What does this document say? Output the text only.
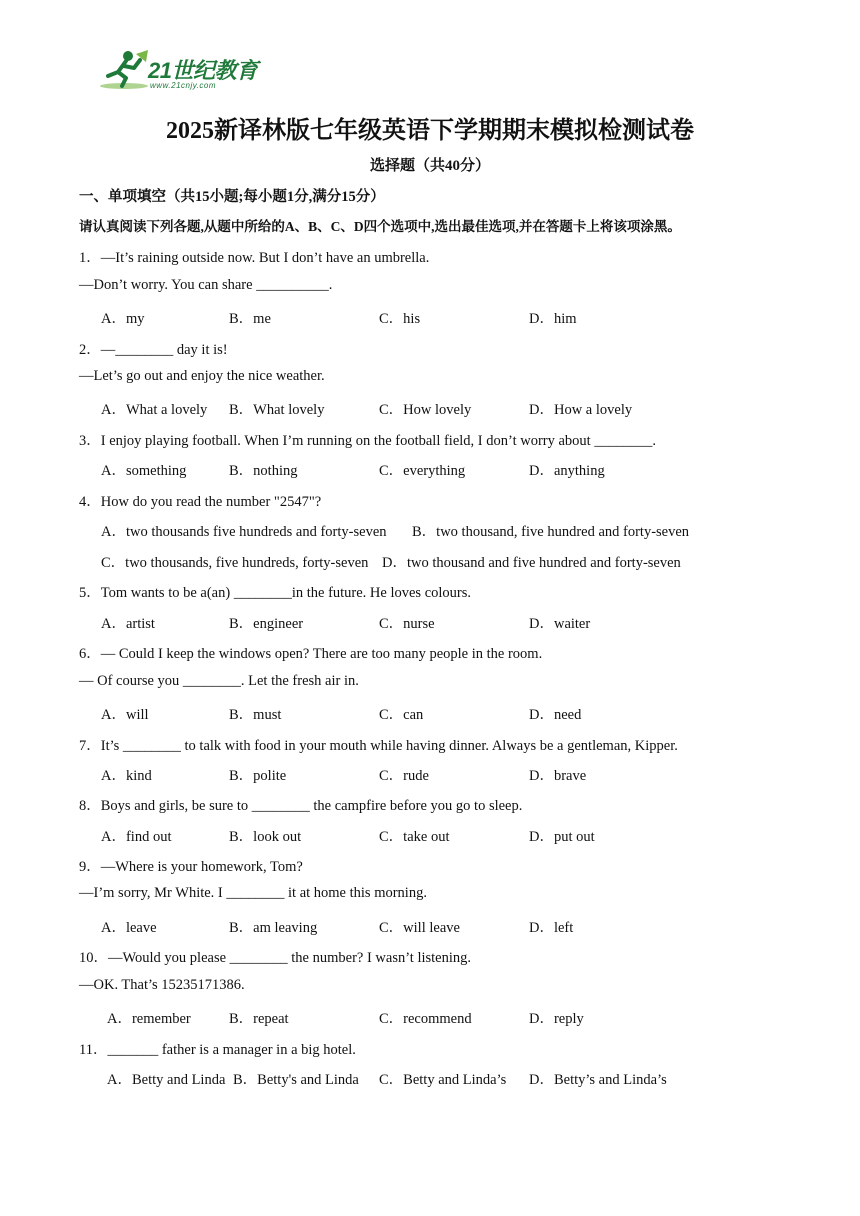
21世纪教育
www.21cnjy.com
2025新译林版七年级英语下学期期末模拟检测试卷
选择题（共40分）
一、单项填空（共15小题;每小题1分,满分15分）
请认真阅读下列各题,从题中所给的A、B、C、D四个选项中,选出最佳选项,并在答题卡上将该项涂黑。
1．—It’s raining outside now. But I don’t have an umbrella.
—Don’t worry. You can share __________.
A．my	B．me	C．his	D．him
2．—________ day it is!
—Let’s go out and enjoy the nice weather.
A．What a lovely B．What lovely	C．How lovely	D．How a lovely
3．I enjoy playing football. When I’m running on the football field, I don’t worry about ________.
A．something	B．nothing	C．everything	D．anything
4．How do you read the number "2547"?
A．two thousands five hundreds and forty-seven B．two thousand, five hundred and forty-seven
C．two thousands, five hundreds, forty-seven D．two thousand and five hundred and forty-seven
5．Tom wants to be a(an) ________in the future. He loves colours.
A．artist	B．engineer	C．nurse	D．waiter
6．— Could I keep the windows open? There are too many people in the room.
— Of course you ________. Let the fresh air in.
A．will	B．must	C．can	D．need
7．It’s ________ to talk with food in your mouth while having dinner. Always be a gentleman, Kipper.
A．kind	B．polite	C．rude	D．brave
8．Boys and girls, be sure to ________ the campfire before you go to sleep.
A．find out	B．look out	C．take out	D．put out
9．—Where is your homework, Tom?
—I’m sorry, Mr White. I ________ it at home this morning.
A．leave	B．am leaving	C．will leave	D．left
10．—Would you please ________ the number? I wasn’t listening.
—OK. That’s 15235171386.
A．remember	B．repeat	C．recommend	D．reply
11．_______ father is a manager in a big hotel.
A．Betty and Linda B．Betty's and Linda C．Betty and Linda’s D．Betty’s and Linda’s
